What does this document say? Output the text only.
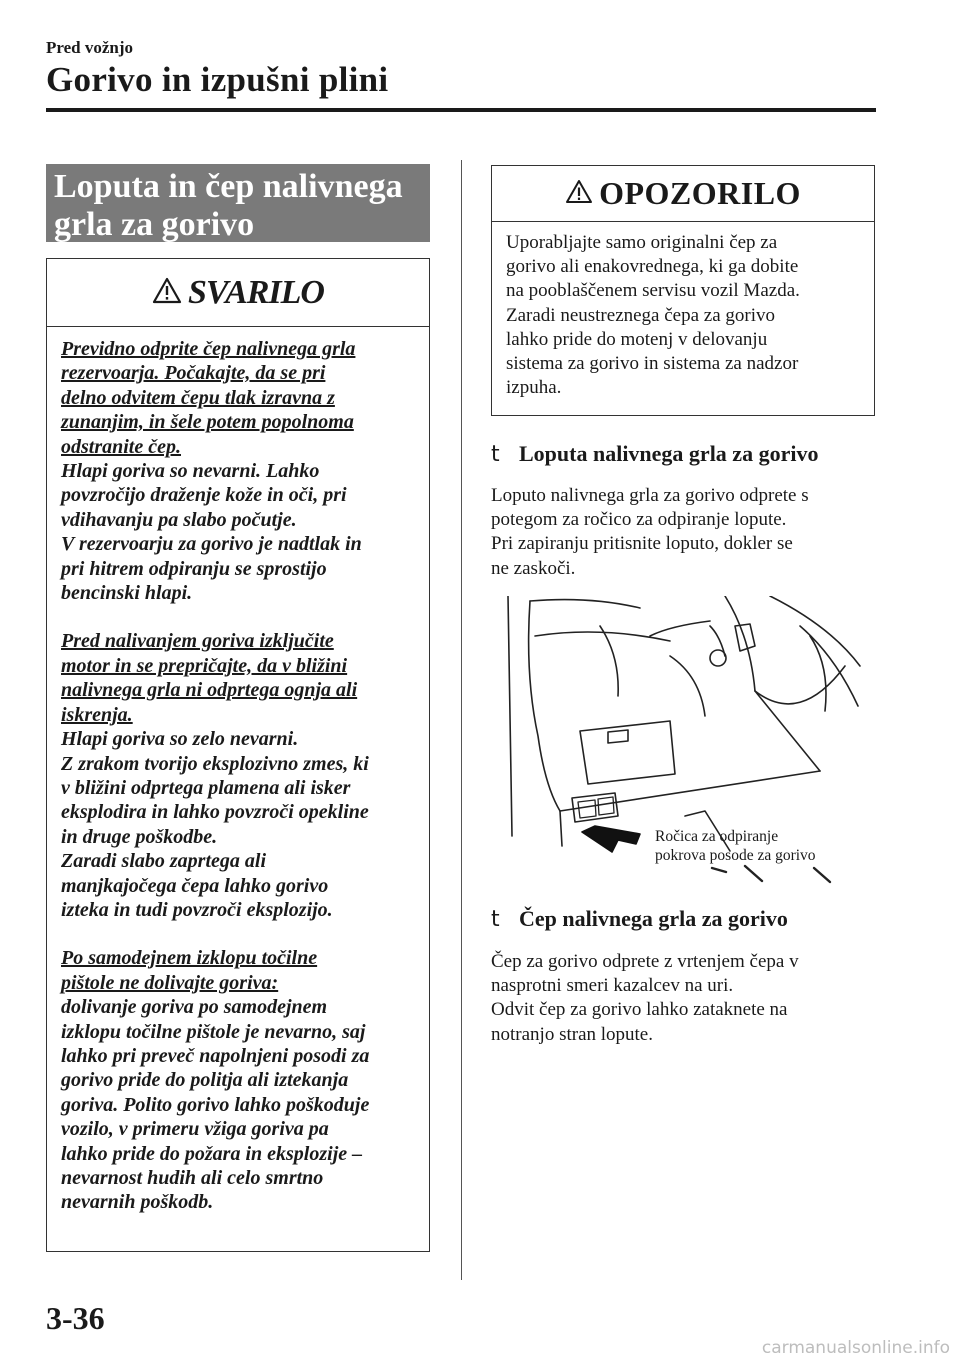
Pred vožnjo
Gorivo in izpušni plini
Loputa in čep nalivnega
grla za gorivo
SVARILO

Previdno odprite čep nalivnega grla
rezervoarja. Počakajte, da se pri
delno odvitem čepu tlak izravna z
zunanjim, in šele potem popolnoma
odstranite čep.

Hlapi goriva so nevarni. Lahko
povzročijo draženje kože in oči, pri
vdihavanju pa slabo počutje.
V rezervoarju za gorivo je nadtlak in
pri hitrem odpiranju se sprostijo
bencinski hlapi.

Pred nalivanjem goriva izključite
motor in se prepričajte, da v bližini
nalivnega grla ni odprtega ognja ali
iskrenja.

Hlapi goriva so zelo nevarni.
Z zrakom tvorijo eksplozivno zmes, ki
v bližini odprtega plamena ali isker
eksplodira in lahko povzroči opekline
in druge poškodbe.
Zaradi slabo zaprtega ali
manjkajočega čepa lahko gorivo
izteka in tudi povzroči eksplozijo.

Po samodejnem izklopu točilne
pištole ne dolivajte goriva:

dolivanje goriva po samodejnem
izklopu točilne pištole je nevarno, saj
lahko pri preveč napolnjeni posodi za
gorivo pride do politja ali iztekanja
goriva. Polito gorivo lahko poškoduje
vozilo, v primeru vžiga goriva pa
lahko pride do požara in eksplozije –
nevarnost hudih ali celo smrtno
nevarnih poškodb.

OPOZORILO

Uporabljajte samo originalni čep za
gorivo ali enakovrednega, ki ga dobite
na pooblaščenem servisu vozil Mazda.
Zaradi neustreznega čepa za gorivo
lahko pride do motenj v delovanju
sistema za gorivo in sistema za nadzor
izpuha.

t Loputa nalivnega grla za gorivo

Loputo nalivnega grla za gorivo odprete s
potegom za ročico za odpiranje lopute.
Pri zapiranju pritisnite loputo, dokler se
ne zaskoči.

Ročica za odpiranje
pokrova posode za gorivo
t Čep nalivnega grla za gorivo

Čep za gorivo odprete z vrtenjem čepa v
nasprotni smeri kazalcev na uri.
Odvit čep za gorivo lahko zataknete na
notranjo stran lopute.

3-36
carmanualsonline.info
